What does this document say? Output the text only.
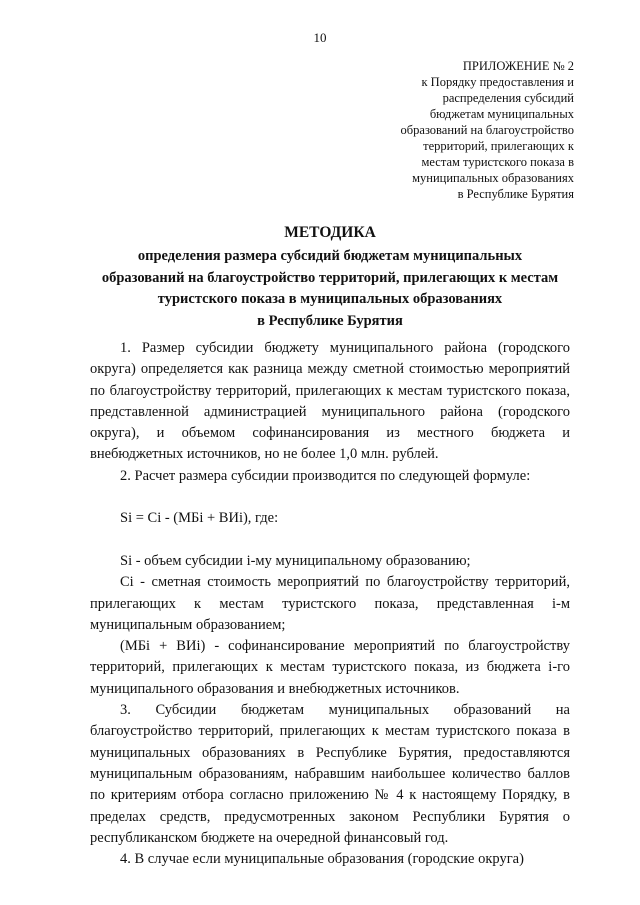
10
ПРИЛОЖЕНИЕ № 2
к Порядку предоставления и
распределения субсидий
бюджетам муниципальных
образований на благоустройство
территорий, прилегающих к
местам туристского показа в
муниципальных образованиях
в Республике Бурятия
МЕТОДИКА
определения размера субсидий бюджетам муниципальных
образований на благоустройство территорий, прилегающих к местам
туристского показа в муниципальных образованиях
в Республике Бурятия

1. Размер субсидии бюджету муниципального района (городского округа) определяется как разница между сметной стоимостью мероприятий по благоустройству территорий, прилегающих к местам туристского показа, представленной администрацией муниципального района (городского округа), и объемом софинансирования из местного бюджета и внебюджетных источников, но не более 1,0 млн. рублей.

2. Расчет размера субсидии производится по следующей формуле:

Si = Ci - (МБi + ВИi), где:

Si - объем субсидии i-му муниципальному образованию;

Ci - сметная стоимость мероприятий по благоустройству территорий, прилегающих к местам туристского показа, представленная i-м муниципальным образованием;

(МБi + ВИi) - софинансирование мероприятий по благоустройству территорий, прилегающих к местам туристского показа, из бюджета i-го муниципального образования и внебюджетных источников.

3. Субсидии бюджетам муниципальных образований на благоустройство территорий, прилегающих к местам туристского показа в муниципальных образованиях в Республике Бурятия, предоставляются муниципальным образованиям, набравшим наибольшее количество баллов по критериям отбора согласно приложению № 4 к настоящему Порядку, в пределах средств, предусмотренных законом Республики Бурятия о республиканском бюджете на очередной финансовый год.

4. В случае если муниципальные образования (городские округа)
